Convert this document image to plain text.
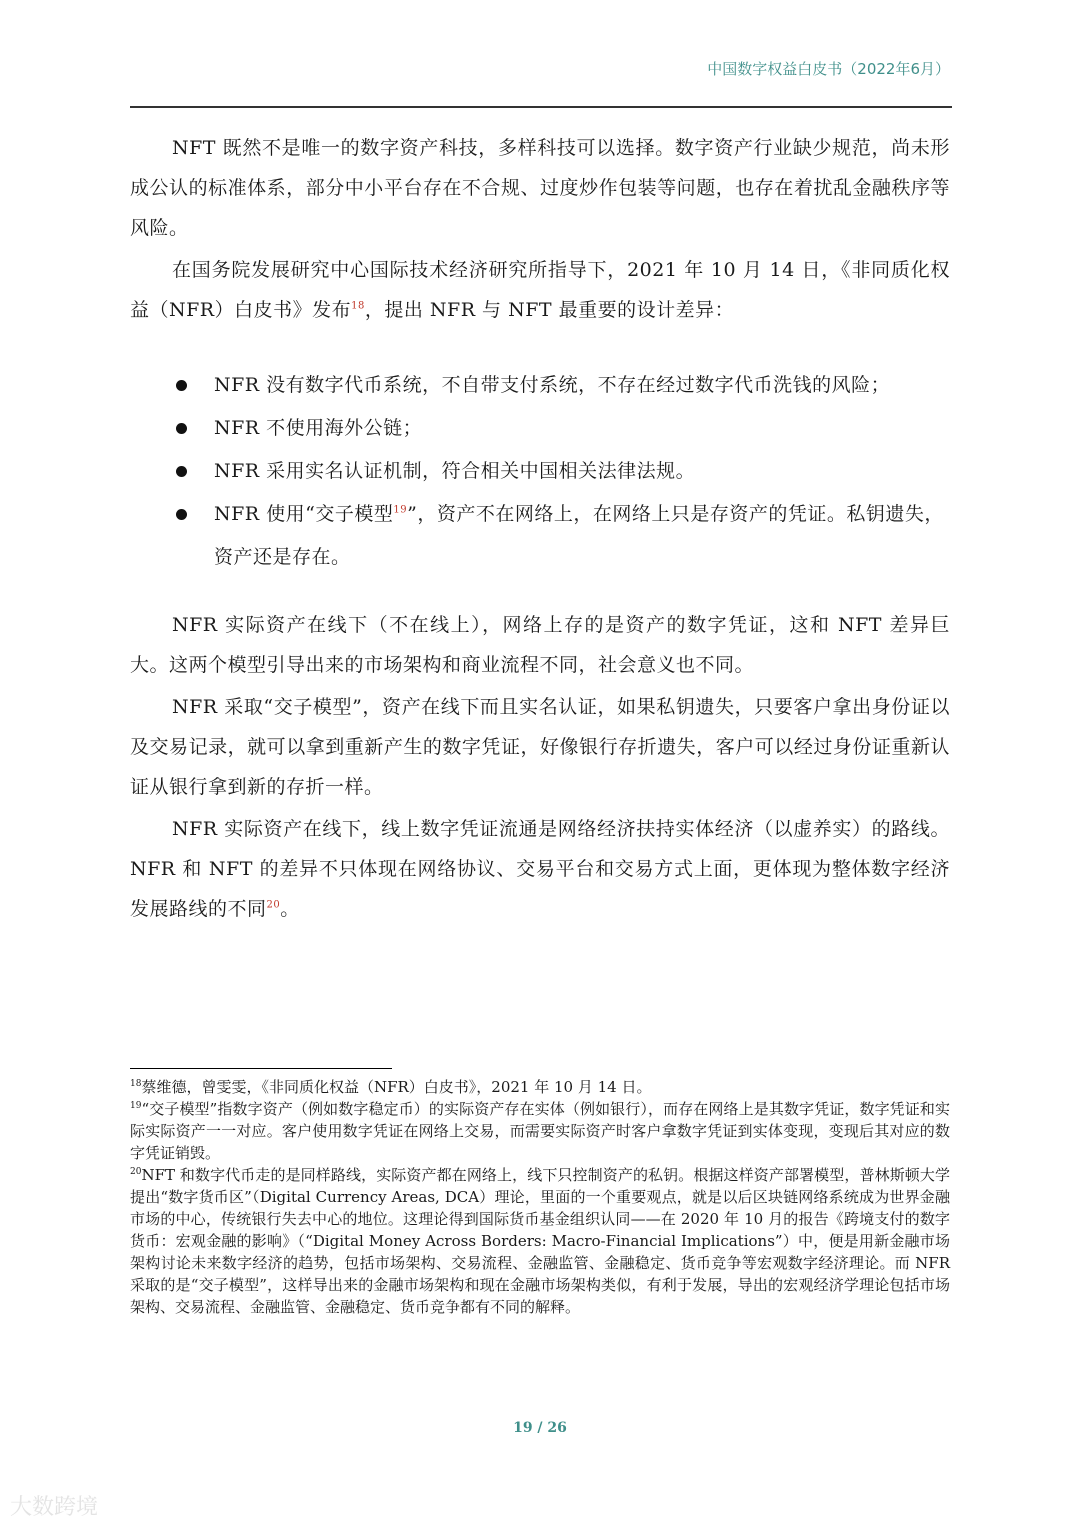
中国数字权益白皮书（2022年6月）

NFT 既然不是唯一的数字资产科技，多样科技可以选择。数字资产行业缺少规范，尚未形成公认的标准体系，部分中小平台存在不合规、过度炒作包装等问题，也存在着扰乱金融秩序等风险。

在国务院发展研究中心国际技术经济研究所指导下，2021 年 10 月 14 日，《非同质化权益（NFR）白皮书》发布$^{18}$，提出 NFR 与 NFT 最重要的设计差异：

NFR 没有数字代币系统，不自带支付系统，不存在经过数字代币洗钱的风险；
NFR 不使用海外公链；
NFR 采用实名认证机制，符合相关中国相关法律法规。
NFR 使用“交子模型$^{19}$”，资产不在网络上，在网络上只是存资产的凭证。私钥遗失，资产还是存在。

NFR 实际资产在线下（不在线上），网络上存的是资产的数字凭证，这和 NFT 差异巨大。这两个模型引导出来的市场架构和商业流程不同，社会意义也不同。

NFR 采取“交子模型”，资产在线下而且实名认证，如果私钥遗失，只要客户拿出身份证以及交易记录，就可以拿到重新产生的数字凭证，好像银行存折遗失，客户可以经过身份证重新认证从银行拿到新的存折一样。

NFR 实际资产在线下，线上数字凭证流通是网络经济扶持实体经济（以虚养实）的路线。NFR 和 NFT 的差异不只体现在网络协议、交易平台和交易方式上面，更体现为整体数字经济发展路线的不同$^{20}$。

$^{18}$蔡维德，曾雯雯，《非同质化权益（NFR）白皮书》，2021 年 10 月 14 日。

$^{19}$“交子模型”指数字资产（例如数字稳定币）的实际资产存在实体（例如银行），而存在网络上是其数字凭证，数字凭证和实际实际资产一一对应。客户使用数字凭证在网络上交易，而需要实际资产时客户拿数字凭证到实体变现，变现后其对应的数字凭证销毁。

$^{20}$NFT 和数字代币走的是同样路线，实际资产都在网络上，线下只控制资产的私钥。根据这样资产部署模型，普林斯顿大学提出“数字货币区”（Digital Currency Areas, DCA）理论，里面的一个重要观点，就是以后区块链网络系统成为世界金融市场的中心，传统银行失去中心的地位。这理论得到国际货币基金组织认同——在 2020 年 10 月的报告《跨境支付的数字货币：宏观金融的影响》（“Digital Money Across Borders: Macro-Financial Implications”）中，便是用新金融市场架构讨论未来数字经济的趋势，包括市场架构、交易流程、金融监管、金融稳定、货币竞争等宏观数字经济理论。而 NFR 采取的是“交子模型”，这样导出来的金融市场架构和现在金融市场架构类似，有利于发展，导出的宏观经济学理论包括市场架构、交易流程、金融监管、金融稳定、货币竞争都有不同的解释。

19 / 26
大数跨境
